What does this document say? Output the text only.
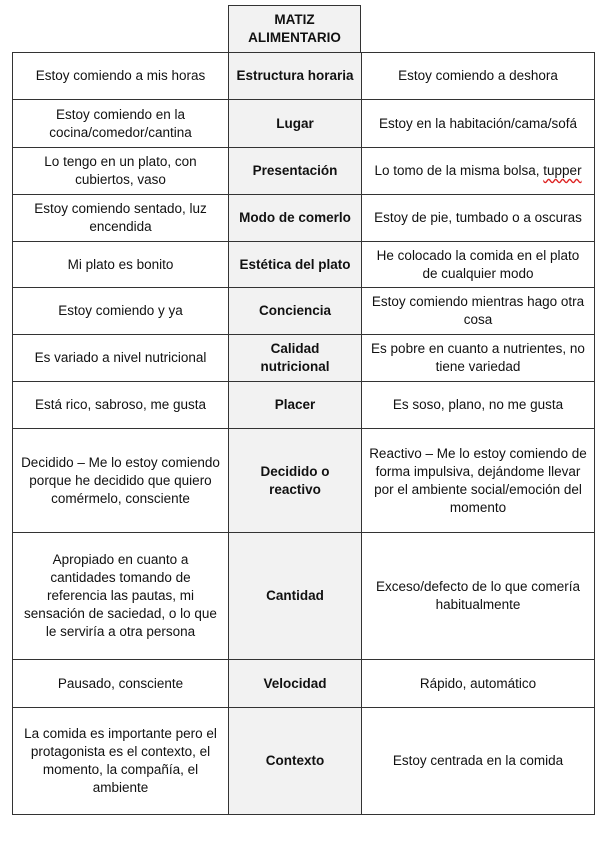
MATIZ ALIMENTARIO
Estoy comiendo a mis horas	Estructura horaria	Estoy comiendo a deshora
Estoy comiendo en la cocina/comedor/cantina	Lugar	Estoy en la habitación/cama/sofá
Lo tengo en un plato, con cubiertos, vaso	Presentación	Lo tomo de la misma bolsa, tupper
Estoy comiendo sentado, luz encendida	Modo de comerlo	Estoy de pie, tumbado o a oscuras
Mi plato es bonito	Estética del plato	He colocado la comida en el plato de cualquier modo
Estoy comiendo y ya	Conciencia	Estoy comiendo mientras hago otra cosa
Es variado a nivel nutricional	Calidad nutricional	Es pobre en cuanto a nutrientes, no tiene variedad
Está rico, sabroso, me gusta	Placer	Es soso, plano, no me gusta
Decidido – Me lo estoy comiendo porque he decidido que quiero comérmelo, consciente	Decidido o reactivo	Reactivo – Me lo estoy comiendo de forma impulsiva, dejándome llevar por el ambiente social/emoción del momento
Apropiado en cuanto a cantidades tomando de referencia las pautas, mi sensación de saciedad, o lo que le serviría a otra persona	Cantidad	Exceso/defecto de lo que comería habitualmente
Pausado, consciente	Velocidad	Rápido, automático
La comida es importante pero el protagonista es el contexto, el momento, la compañía, el ambiente	Contexto	Estoy centrada en la comida
